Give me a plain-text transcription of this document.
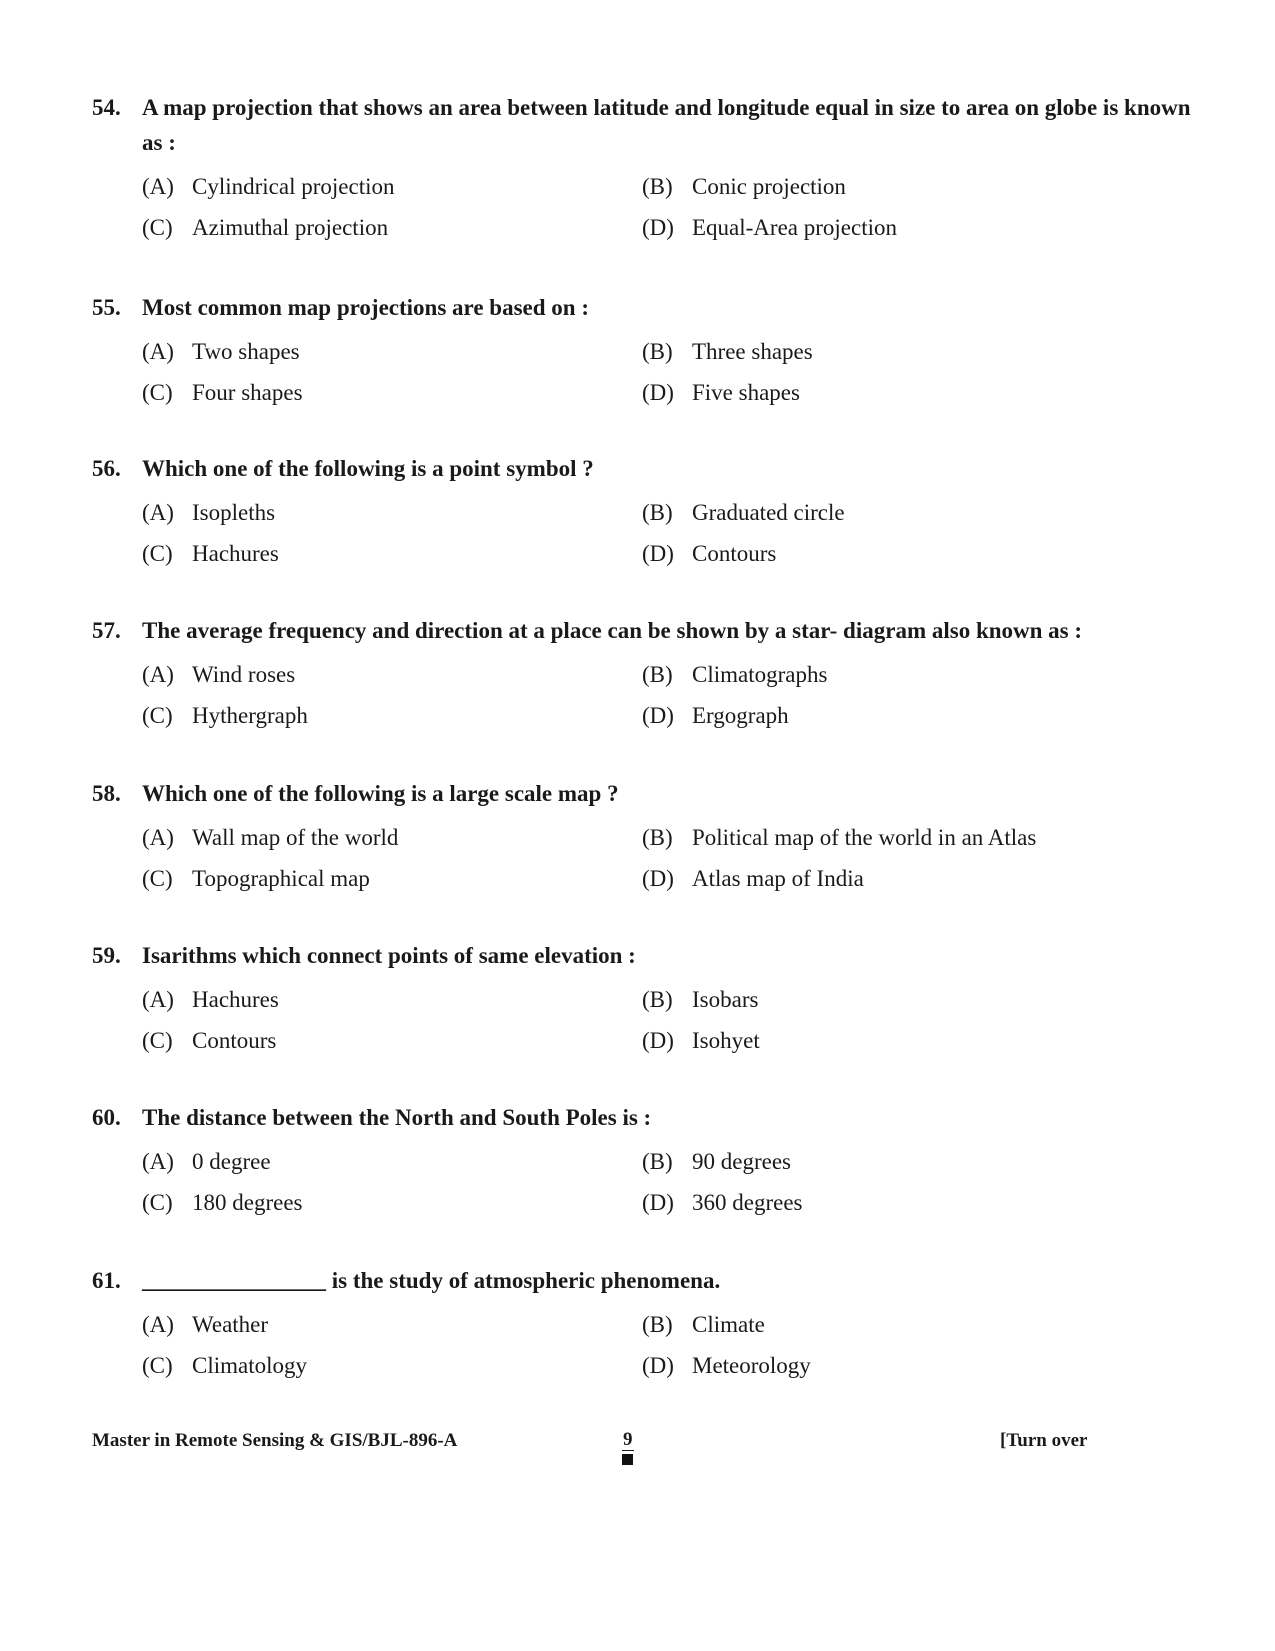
54. A map projection that shows an area between latitude and longitude equal in size to area on globe is known as :
(A) Cylindrical projection	(B) Conic projection
(C) Azimuthal projection	(D) Equal-Area projection
55. Most common map projections are based on :
(A) Two shapes	(B) Three shapes
(C) Four shapes	(D) Five shapes
56. Which one of the following is a point symbol ?
(A) Isopleths	(B) Graduated circle
(C) Hachures	(D) Contours
57. The average frequency and direction at a place can be shown by a star- diagram also known as :
(A) Wind roses	(B) Climatographs
(C) Hythergraph	(D) Ergograph
58. Which one of the following is a large scale map ?
(A) Wall map of the world	(B) Political map of the world in an Atlas
(C) Topographical map	(D) Atlas map of India
59. Isarithms which connect points of same elevation :
(A) Hachures	(B) Isobars
(C) Contours	(D) Isohyet
60. The distance between the North and South Poles is :
(A) 0 degree	(B) 90 degrees
(C) 180 degrees	(D) 360 degrees
61. ________________ is the study of atmospheric phenomena.
(A) Weather	(B) Climate
(C) Climatology	(D) Meteorology
Master in Remote Sensing & GIS/BJL-896-A	9	[Turn over
